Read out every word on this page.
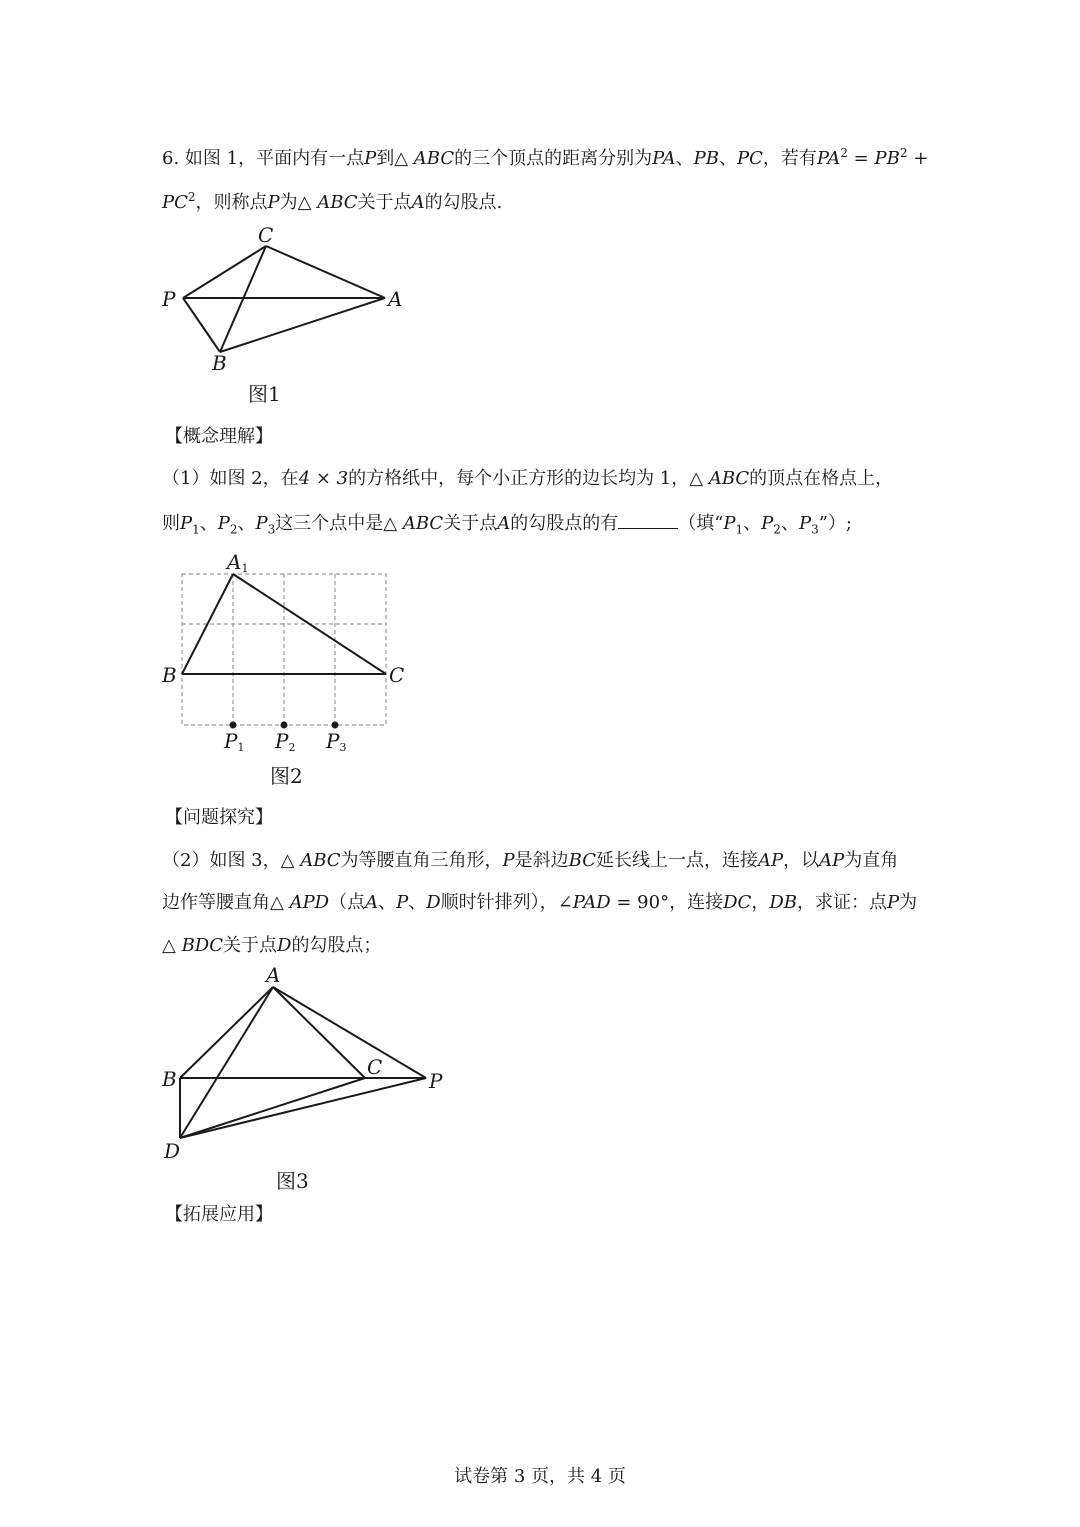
6. 如图 1，平面内有一点P到△ ABC的三个顶点的距离分别为PA、PB、PC，若有$PA^2 = PB^2$ +
$PC^2$，则称点P为△ ABC关于点A的勾股点.
P
C
A
B
图1
【概念理解】
（1）如图 2，在4 × 3的方格纸中，每个小正方形的边长均为 1，△ ABC的顶点在格点上，
则$P_1$、$P_2$、$P_3$这三个点中是△ ABC关于点A的勾股点的有	（填“$P_1$、$P_2$、$P_3$”）;
A1
B	C
P1 P2 P3
图2
【问题探究】
（2）如图 3，△ ABC为等腰直角三角形，P是斜边BC延长线上一点，连接AP，以AP为直角
边作等腰直角△ APD（点A、P、D顺时针排列），∠PAD = 90°，连接DC，DB，求证：点P为
△ BDC关于点D的勾股点；
A
B	C
P
D
图3
【拓展应用】
试卷第 3 页，共 4 页
